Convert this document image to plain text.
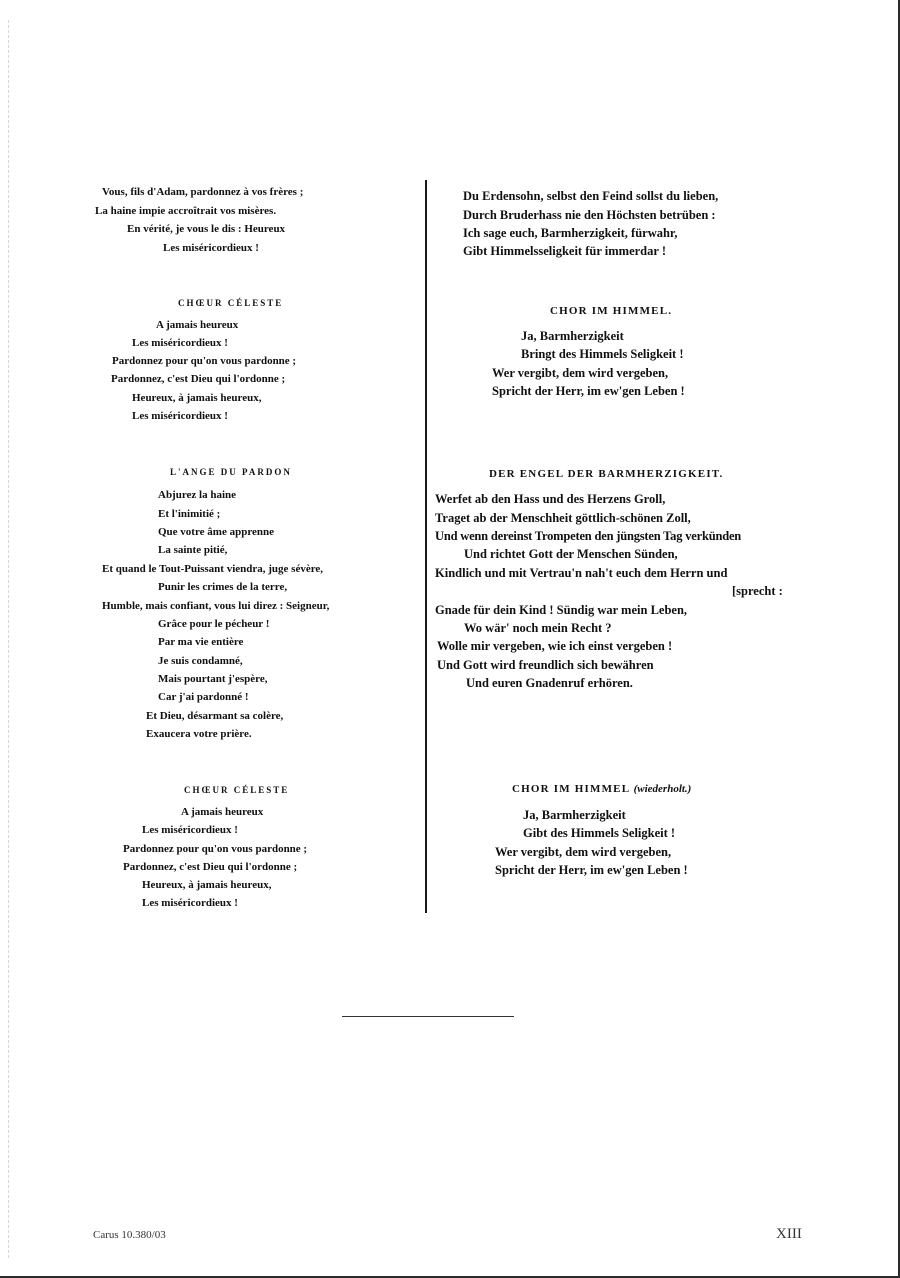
Vous, fils d'Adam, pardonnez à vos frères ;
La haine impie accroîtrait vos misères.
En vérité, je vous le dis : Heureux
Les miséricordieux !
CHŒUR CÉLESTE
A jamais heureux
Les miséricordieux !
Pardonnez pour qu'on vous pardonne ;
Pardonnez, c'est Dieu qui l'ordonne ;
Heureux, à jamais heureux,
Les miséricordieux !
L'ANGE DU PARDON
Abjurez la haine
Et l'inimitié ;
Que votre âme apprenne
La sainte pitié,
Et quand le Tout-Puissant viendra, juge sévère,
Punir les crimes de la terre,
Humble, mais confiant, vous lui direz : Seigneur,
Grâce pour le pécheur !
Par ma vie entière
Je suis condamné,
Mais pourtant j'espère,
Car j'ai pardonné !
Et Dieu, désarmant sa colère,
Exaucera votre prière.
CHŒUR CÉLESTE
A jamais heureux
Les miséricordieux !
Pardonnez pour qu'on vous pardonne ;
Pardonnez, c'est Dieu qui l'ordonne ;
Heureux, à jamais heureux,
Les miséricordieux !
Du Erdensohn, selbst den Feind sollst du lieben,
Durch Bruderhass nie den Höchsten betrüben :
Ich sage euch, Barmherzigkeit, fürwahr,
Gibt Himmelsseligkeit für immerdar !
CHOR IM HIMMEL.
Ja, Barmherzigkeit
Bringt des Himmels Seligkeit !
Wer vergibt, dem wird vergeben,
Spricht der Herr, im ew'gen Leben !
DER ENGEL DER BARMHERZIGKEIT.
Werfet ab den Hass und des Herzens Groll,
Traget ab der Menschheit göttlich-schönen Zoll,
Und wenn dereinst Trompeten den jüngsten Tag verkünden
Und richtet Gott der Menschen Sünden,
Kindlich und mit Vertrau'n nah't euch dem Herrn und
[sprecht :
Gnade für dein Kind ! Sündig war mein Leben,
Wo wär' noch mein Recht ?
Wolle mir vergeben, wie ich einst vergeben !
Und Gott wird freundlich sich bewähren
Und euren Gnadenruf erhören.
CHOR IM HIMMEL (wiederholt.)
Ja, Barmherzigkeit
Gibt des Himmels Seligkeit !
Wer vergibt, dem wird vergeben,
Spricht der Herr, im ew'gen Leben !
Carus 10.380/03	XIII
